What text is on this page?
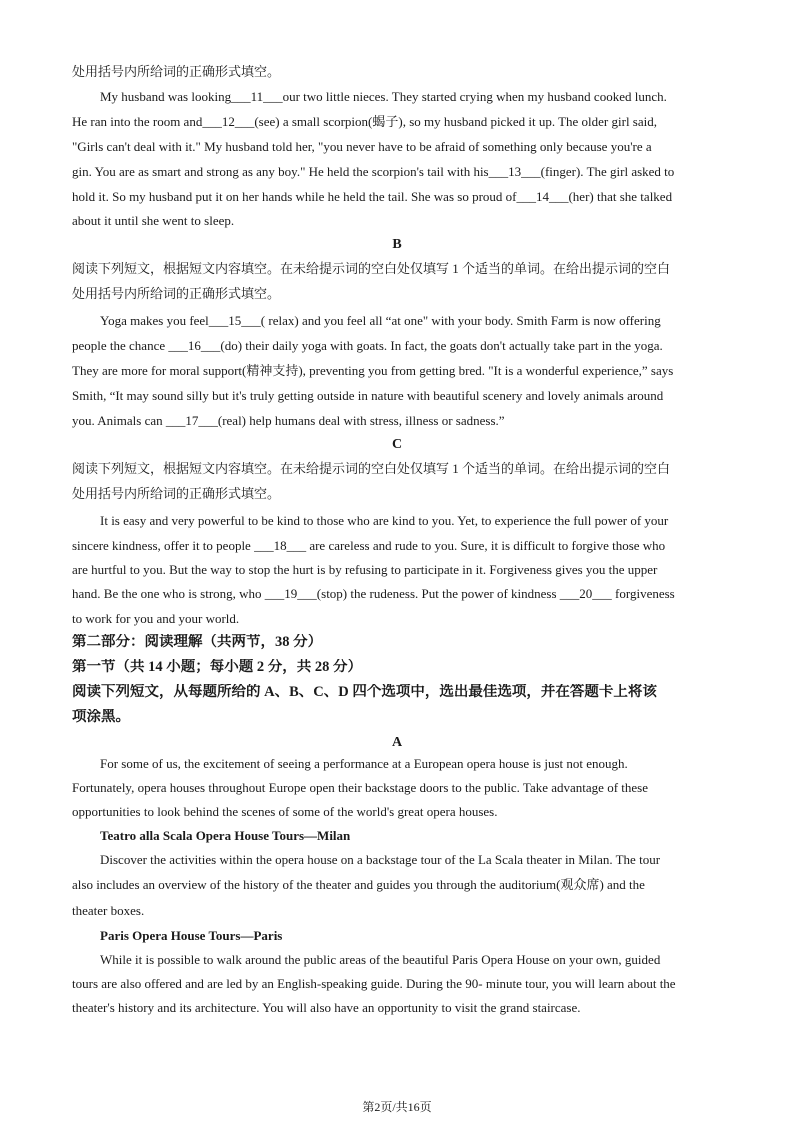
处用括号内所给词的正确形式填空。
My husband was looking___11___our two little nieces. They started crying when my husband cooked lunch.
He ran into the room and___12___(see) a small scorpion(蝎子), so my husband picked it up. The older girl said,
"Girls can't deal with it." My husband told her, "you never have to be afraid of something only because you're a
gin. You are as smart and strong as any boy." He held the scorpion's tail with his___13___(finger). The girl asked to
hold it. So my husband put it on her hands while he held the tail. She was so proud of___14___(her) that she talked
about it until she went to sleep.
B
阅读下列短文，根据短文内容填空。在未给提示词的空白处仅填写 1 个适当的单词。在给出提示词的空白
处用括号内所给词的正确形式填空。
Yoga makes you feel___15___( relax) and you feel all “at one" with your body. Smith Farm is now offering
people the chance ___16___(do) their daily yoga with goats. In fact, the goats don't actually take part in the yoga.
They are more for moral support(精神支持), preventing you from getting bred. "It is a wonderful experience,” says
Smith, “It may sound silly but it's truly getting outside in nature with beautiful scenery and lovely animals around
you. Animals can ___17___(real) help humans deal with stress, illness or sadness.”
C
阅读下列短文，根据短文内容填空。在未给提示词的空白处仅填写 1 个适当的单词。在给出提示词的空白
处用括号内所给词的正确形式填空。
It is easy and very powerful to be kind to those who are kind to you. Yet, to experience the full power of your
sincere kindness, offer it to people ___18___ are careless and rude to you. Sure, it is difficult to forgive those who
are hurtful to you. But the way to stop the hurt is by refusing to participate in it. Forgiveness gives you the upper
hand. Be the one who is strong, who ___19___(stop) the rudeness. Put the power of kindness ___20___ forgiveness
to work for you and your world.
第二部分：阅读理解（共两节，38 分）
第一节（共 14 小题；每小题 2 分，共 28 分）
阅读下列短文，从每题所给的 A、B、C、D 四个选项中，选出最佳选项，并在答题卡上将该
项涂黑。
A
For some of us, the excitement of seeing a performance at a European opera house is just not enough.
Fortunately, opera houses throughout Europe open their backstage doors to the public. Take advantage of these
opportunities to look behind the scenes of some of the world's great opera houses.
Teatro alla Scala Opera House Tours—Milan
Discover the activities within the opera house on a backstage tour of the La Scala theater in Milan. The tour
also includes an overview of the history of the theater and guides you through the auditorium(观众席) and the
theater boxes.
Paris Opera House Tours—Paris
While it is possible to walk around the public areas of the beautiful Paris Opera House on your own, guided
tours are also offered and are led by an English-speaking guide. During the 90- minute tour, you will learn about the
theater's history and its architecture. You will also have an opportunity to visit the grand staircase.
第2页/共16页
